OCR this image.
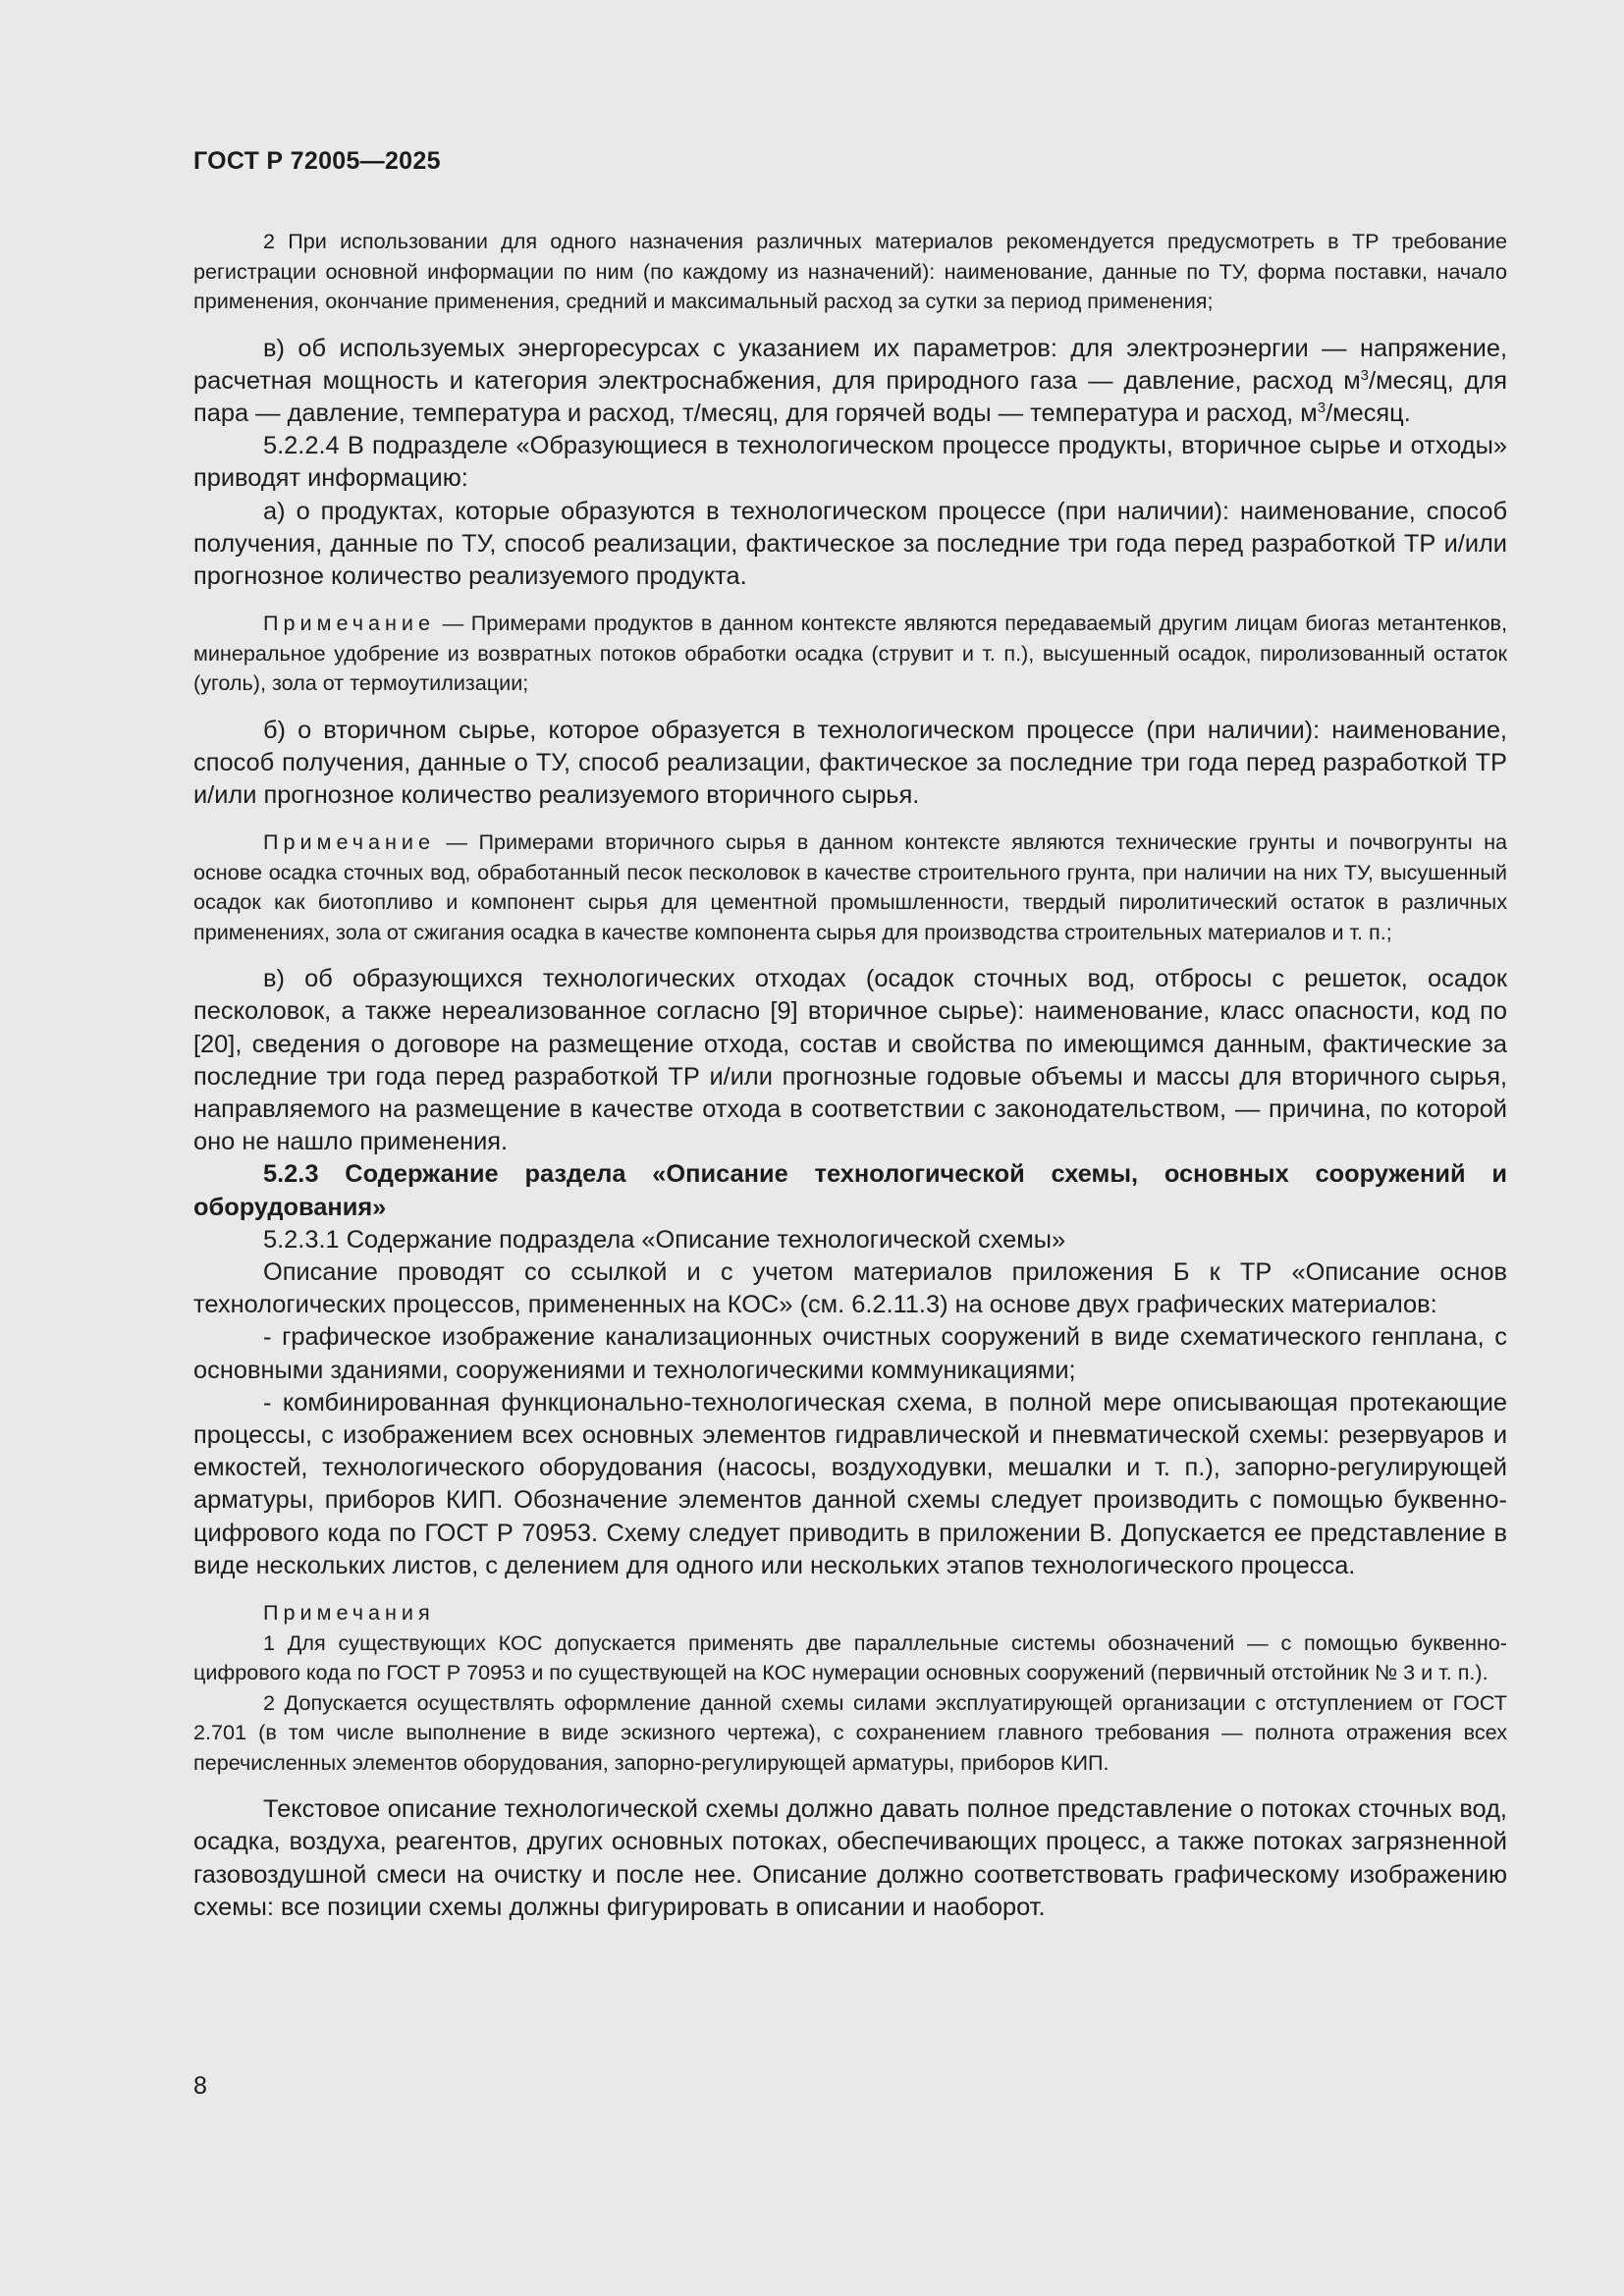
ГОСТ Р 72005—2025

2 При использовании для одного назначения различных материалов рекомендуется предусмотреть в ТР требование регистрации основной информации по ним (по каждому из назначений): наименование, данные по ТУ, форма поставки, начало применения, окончание применения, средний и максимальный расход за сутки за период применения;

в) об используемых энергоресурсах с указанием их параметров: для электроэнергии — напряжение, расчетная мощность и категория электроснабжения, для природного газа — давление, расход $м^3$/месяц, для пара — давление, температура и расход, т/месяц, для горячей воды — температура и расход, $м^3$/месяц.

5.2.2.4 В подразделе «Образующиеся в технологическом процессе продукты, вторичное сырье и отходы» приводят информацию:

а) о продуктах, которые образуются в технологическом процессе (при наличии): наименование, способ получения, данные по ТУ, способ реализации, фактическое за последние три года перед разработкой ТР и/или прогнозное количество реализуемого продукта.

Примечание — Примерами продуктов в данном контексте являются передаваемый другим лицам биогаз метантенков, минеральное удобрение из возвратных потоков обработки осадка (струвит и т. п.), высушенный осадок, пиролизованный остаток (уголь), зола от термоутилизации;

б) о вторичном сырье, которое образуется в технологическом процессе (при наличии): наименование, способ получения, данные о ТУ, способ реализации, фактическое за последние три года перед разработкой ТР и/или прогнозное количество реализуемого вторичного сырья.

Примечание — Примерами вторичного сырья в данном контексте являются технические грунты и почвогрунты на основе осадка сточных вод, обработанный песок песколовок в качестве строительного грунта, при наличии на них ТУ, высушенный осадок как биотопливо и компонент сырья для цементной промышленности, твердый пиролитический остаток в различных применениях, зола от сжигания осадка в качестве компонента сырья для производства строительных материалов и т. п.;

в) об образующихся технологических отходах (осадок сточных вод, отбросы с решеток, осадок песколовок, а также нереализованное согласно [9] вторичное сырье): наименование, класс опасности, код по [20], сведения о договоре на размещение отхода, состав и свойства по имеющимся данным, фактические за последние три года перед разработкой ТР и/или прогнозные годовые объемы и массы для вторичного сырья, направляемого на размещение в качестве отхода в соответствии с законодательством, — причина, по которой оно не нашло применения.

5.2.3 Содержание раздела «Описание технологической схемы, основных сооружений и оборудования»

5.2.3.1 Содержание подраздела «Описание технологической схемы»

Описание проводят со ссылкой и с учетом материалов приложения Б к ТР «Описание основ технологических процессов, примененных на КОС» (см. 6.2.11.3) на основе двух графических материалов:

- графическое изображение канализационных очистных сооружений в виде схематического генплана, с основными зданиями, сооружениями и технологическими коммуникациями;

- комбинированная функционально-технологическая схема, в полной мере описывающая протекающие процессы, с изображением всех основных элементов гидравлической и пневматической схемы: резервуаров и емкостей, технологического оборудования (насосы, воздуходувки, мешалки и т. п.), запорно-регулирующей арматуры, приборов КИП. Обозначение элементов данной схемы следует производить с помощью буквенно-цифрового кода по ГОСТ Р 70953. Схему следует приводить в приложении В. Допускается ее представление в виде нескольких листов, с делением для одного или нескольких этапов технологического процесса.

Примечания

1 Для существующих КОС допускается применять две параллельные системы обозначений — с помощью буквенно-цифрового кода по ГОСТ Р 70953 и по существующей на КОС нумерации основных сооружений (первичный отстойник № 3 и т. п.).

2 Допускается осуществлять оформление данной схемы силами эксплуатирующей организации с отступлением от ГОСТ 2.701 (в том числе выполнение в виде эскизного чертежа), с сохранением главного требования — полнота отражения всех перечисленных элементов оборудования, запорно-регулирующей арматуры, приборов КИП.

Текстовое описание технологической схемы должно давать полное представление о потоках сточных вод, осадка, воздуха, реагентов, других основных потоках, обеспечивающих процесс, а также потоках загрязненной газовоздушной смеси на очистку и после нее. Описание должно соответствовать графическому изображению схемы: все позиции схемы должны фигурировать в описании и наоборот.

8
